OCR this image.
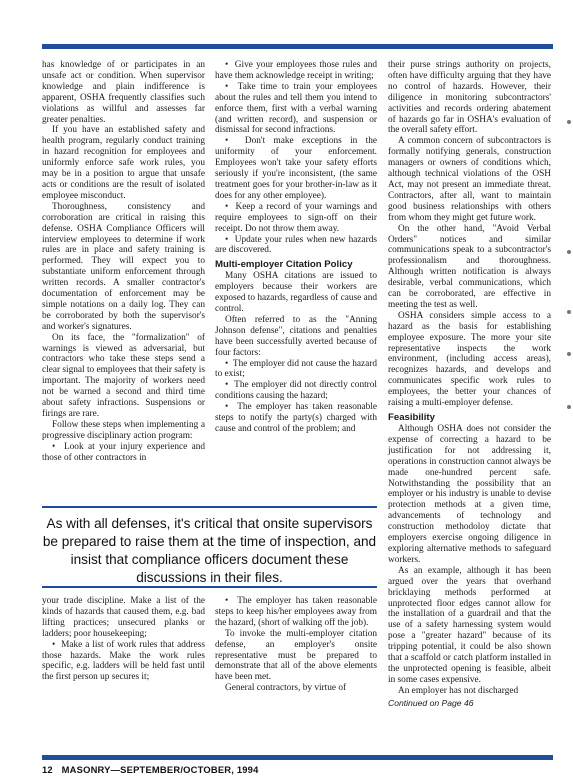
has knowledge of or participates in an unsafe act or condition. When supervisor knowledge and plain indifference is apparent, OSHA frequently classifies such violations as willful and assesses far greater penalties.

If you have an established safety and health program, regularly conduct training in hazard recognition for employees and uniformly enforce safe work rules, you may be in a position to argue that unsafe acts or conditions are the result of isolated employee misconduct.

Thoroughness, consistency and corroboration are critical in raising this defense. OSHA Compliance Officers will interview employees to determine if work rules are in place and safety training is performed. They will expect you to substantiate uniform enforcement through written records. A smaller contractor's documentation of enforcement may be simple notations on a daily log. They can be corroborated by both the supervisor's and worker's signatures.

On its face, the "formalization" of warnings is viewed as adversarial, but contractors who take these steps send a clear signal to employees that their safety is important. The majority of workers need not be warned a second and third time about safety infractions. Suspensions or firings are rare.

Follow these steps when implementing a progressive disciplinary action program:

•  Look at your injury experience and those of other contractors in

•  Give your employees those rules and have them acknowledge receipt in writing;

•  Take time to train your employees about the rules and tell them you intend to enforce them, first with a verbal warning (and written record), and suspension or dismissal for second infractions.

•  Don't make exceptions in the uniformity of your enforcement. Employees won't take your safety efforts seriously if you're inconsistent, (the same treatment goes for your brother-in-law as it does for any other employee).

•  Keep a record of your warnings and require employees to sign-off on their receipt. Do not throw them away.

•  Update your rules when new hazards are discovered.

Multi-employer Citation Policy

Many OSHA citations are issued to employers because their workers are exposed to hazards, regardless of cause and control.

Often referred to as the "Anning Johnson defense", citations and penalties have been successfully averted because of four factors:

•  The employer did not cause the hazard to exist;

•  The employer did not directly control conditions causing the hazard;

•  The employer has taken reasonable steps to notify the party(s) charged with cause and control of the problem; and

their purse strings authority on projects, often have difficulty arguing that they have no control of hazards. However, their diligence in monitoring subcontractors' activities and records ordering abatement of hazards go far in OSHA's evaluation of the overall safety effort.

A common concern of subcontractors is formally notifying generals, construction managers or owners of conditions which, although technical violations of the OSH Act, may not present an immediate threat. Contractors, after all, want to maintain good business relationships with others from whom they might get future work.

On the other hand, "Avoid Verbal Orders" notices and similar communications speak to a subcontractor's professionalism and thoroughness. Although written notification is always desirable, verbal communications, which can be corroborated, are effective in meeting the test as well.

OSHA considers simple access to a hazard as the basis for establishing employee exposure. The more your site representative inspects the work environment, (including access areas), recognizes hazards, and develops and communicates specific work rules to employees, the better your chances of raising a multi-employer defense.

Feasibility

Although OSHA does not consider the expense of correcting a hazard to be justification for not addressing it, operations in construction cannot always be made one-hundred percent safe. Notwithstanding the possibility that an employer or his industry is unable to devise protection methods at a given time, advancements of technology and construction methodoloy dictate that employers exercise ongoing diligence in exploring alternative methods to safeguard workers.

As an example, although it has been argued over the years that overhand bricklaying methods performed at unprotected floor edges cannot allow for the installation of a guardrail and that the use of a safety harnessing system would pose a "greater hazard" because of its tripping potential, it could be also shown that a scaffold or catch platform installed in the unprotected opening is feasible, albeit in some cases expensive.

An employer has not discharged

Continued on Page 46

As with all defenses, it's critical that onsite supervisors be prepared to raise them at the time of inspection, and insist that compliance officers document these discussions in their files.

your trade discipline. Make a list of the kinds of hazards that caused them, e.g. bad lifting practices; unsecured planks or ladders; poor housekeeping;

•  Make a list of work rules that address those hazards. Make the work rules specific, e.g. ladders will be held fast until the first person up secures it;

•  The employer has taken reasonable steps to keep his/her employees away from the hazard, (short of walking off the job).

To invoke the multi-employer citation defense, an employer's onsite representative must be prepared to demonstrate that all of the above elements have been met.

General contractors, by virtue of

12 MASONRY—SEPTEMBER/OCTOBER, 1994
